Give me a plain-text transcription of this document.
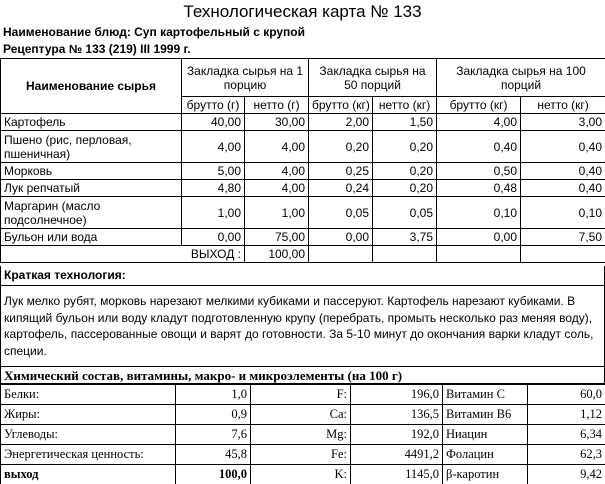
Технологическая карта № 133
Наименование блюд: Суп картофельный с крупой
Рецептура № 133 (219) III 1999 г.
Наименование сырья	Закладка сырья на 1 порцию		Закладка сырья на 50 порций		Закладка сырья на 100 порций	
	брутто (г)	нетто (г)	брутто (кг)	нетто (кг)	брутто (кг)	нетто (кг)
Картофель	40,00	30,00	2,00	1,50	4,00	3,00
Пшено (рис, перловая, пшеничная)	4,00	4,00	0,20	0,20	0,40	0,40
Морковь	5,00	4,00	0,25	0,20	0,50	0,40
Лук репчатый	4,80	4,00	0,24	0,20	0,48	0,40
Маргарин (масло подсолнечное)	1,00	1,00	0,05	0,05	0,10	0,10
Бульон или вода	0,00	75,00	0,00	3,75	0,00	7,50
ВЫХОД :		100,00				
Краткая технология:
Лук мелко рубят, морковь нарезают мелкими кубиками и пассеруют. Картофель нарезают кубиками. В кипящий бульон или воду кладут подготовленную крупу (перебрать, промыть несколько раз меняя воду), картофель, пассерованные овощи и варят до готовности. За 5-10 минут до окончания варки кладут соль, специи.
Химический состав, витамины, макро- и микроэлементы (на 100 г)
Белки:	1,0	F:	196,0	Витамин С	60,0
Жиры:	0,9	Ca:	136,5	Витамин В6	1,12
Углеводы:	7,6	Mg:	192,0	Ниацин	6,34
Энергетическая ценность:	45,8	Fe:	4491,2	Фолацин	62,3
выход	100,0	K:	1145,0	β-каротин	9,42
